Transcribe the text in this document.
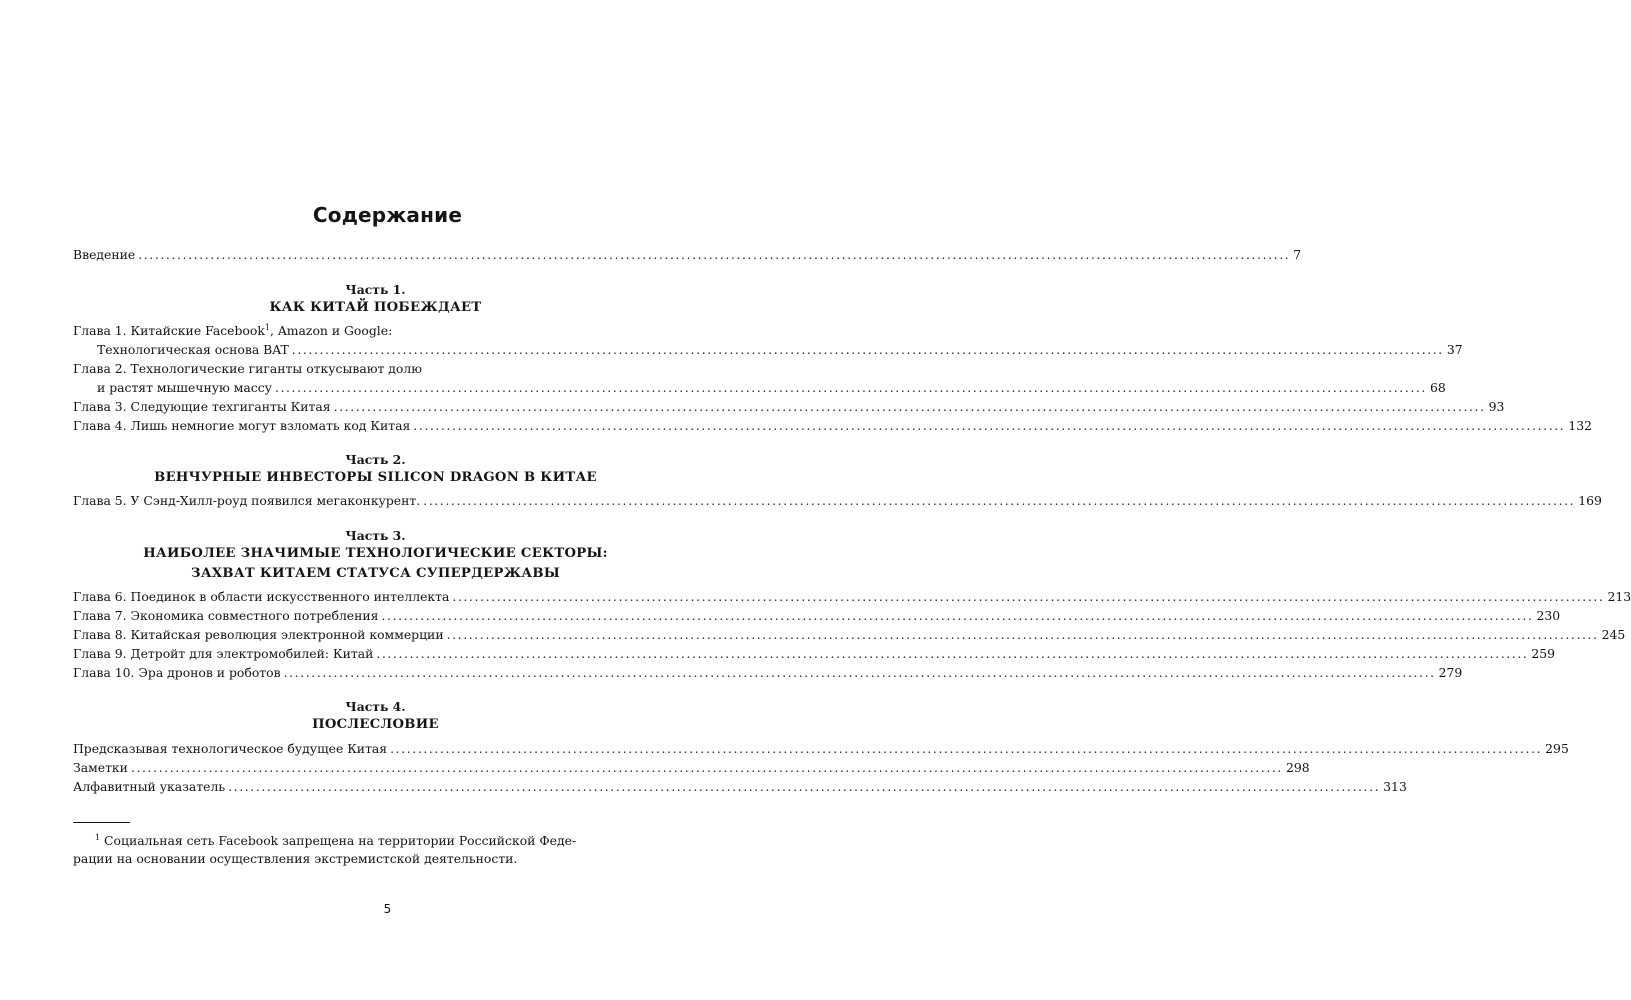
Содержание
Введение ................................................................................................................................................................................................................ 7
Часть 1.
КАК КИТАЙ ПОБЕЖДАЕТ
Глава 1. Китайские Facebook$^1$, Amazon и Google:
Технологическая основа BAT ................................................................................................................................................................................................................ 37
Глава 2. Технологические гиганты откусывают долю
и растят мышечную массу ................................................................................................................................................................................................................ 68
Глава 3. Следующие техгиганты Китая ................................................................................................................................................................................................................ 93
Глава 4. Лишь немногие могут взломать код Китая ................................................................................................................................................................................................................ 132
Часть 2.
ВЕНЧУРНЫЕ ИНВЕСТОРЫ SILICON DRAGON В КИТАЕ
Глава 5. У Сэнд-Хилл-роуд появился мегаконкурент. ................................................................................................................................................................................................................ 169
Часть 3.
НАИБОЛЕЕ ЗНАЧИМЫЕ ТЕХНОЛОГИЧЕСКИЕ СЕКТОРЫ:
ЗАХВАТ КИТАЕМ СТАТУСА СУПЕРДЕРЖАВЫ
Глава 6. Поединок в области искусственного интеллекта ................................................................................................................................................................................................................ 213
Глава 7. Экономика совместного потребления ................................................................................................................................................................................................................ 230
Глава 8. Китайская революция электронной коммерции ................................................................................................................................................................................................................ 245
Глава 9. Детройт для электромобилей: Китай ................................................................................................................................................................................................................ 259
Глава 10. Эра дронов и роботов ................................................................................................................................................................................................................ 279
Часть 4.
ПОСЛЕСЛОВИЕ
Предсказывая технологическое будущее Китая ................................................................................................................................................................................................................ 295
Заметки ................................................................................................................................................................................................................ 298
Алфавитный указатель ................................................................................................................................................................................................................ 313
$^1$ Социальная сеть Facebook запрещена на территории Российской Феде-
рации на основании осуществления экстремистской деятельности.
5
